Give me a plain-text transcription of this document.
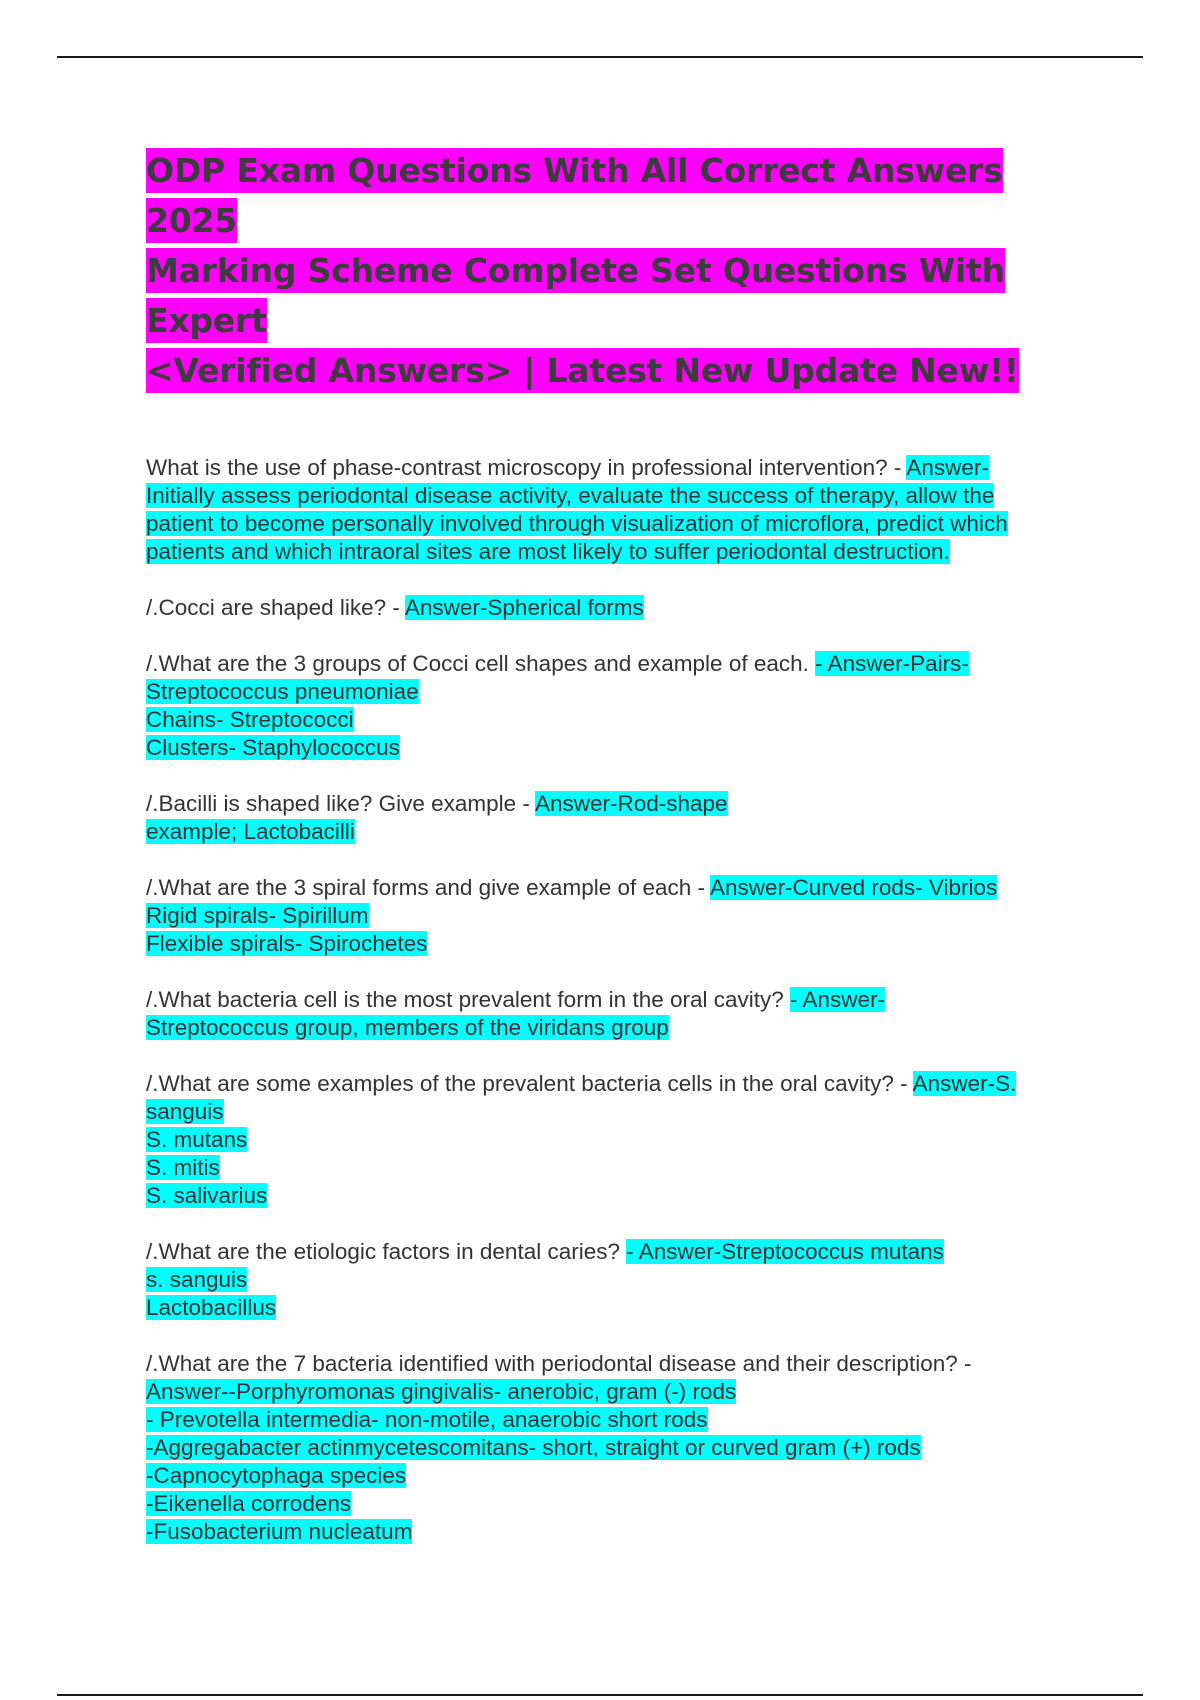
ODP Exam Questions With All Correct Answers 2025
Marking Scheme Complete Set Questions With Expert
<Verified Answers> | Latest New Update New!!

What is the use of phase-contrast microscopy in professional intervention? - Answer-
Initially assess periodontal disease activity, evaluate the success of therapy, allow the
patient to become personally involved through visualization of microflora, predict which
patients and which intraoral sites are most likely to suffer periodontal destruction.

/.Cocci are shaped like? - Answer-Spherical forms

/.What are the 3 groups of Cocci cell shapes and example of each. - Answer-Pairs-
Streptococcus pneumoniae
Chains- Streptococci
Clusters- Staphylococcus

/.Bacilli is shaped like? Give example - Answer-Rod-shape
example; Lactobacilli

/.What are the 3 spiral forms and give example of each - Answer-Curved rods- Vibrios
Rigid spirals- Spirillum
Flexible spirals- Spirochetes

/.What bacteria cell is the most prevalent form in the oral cavity? - Answer-
Streptococcus group, members of the viridans group

/.What are some examples of the prevalent bacteria cells in the oral cavity? - Answer-S.
sanguis
S. mutans
S. mitis
S. salivarius

/.What are the etiologic factors in dental caries? - Answer-Streptococcus mutans
s. sanguis
Lactobacillus

/.What are the 7 bacteria identified with periodontal disease and their description? -
Answer--Porphyromonas gingivalis- anerobic, gram (-) rods
- Prevotella intermedia- non-motile, anaerobic short rods
-Aggregabacter actinmycetescomitans- short, straight or curved gram (+) rods
-Capnocytophaga species
-Eikenella corrodens
-Fusobacterium nucleatum
